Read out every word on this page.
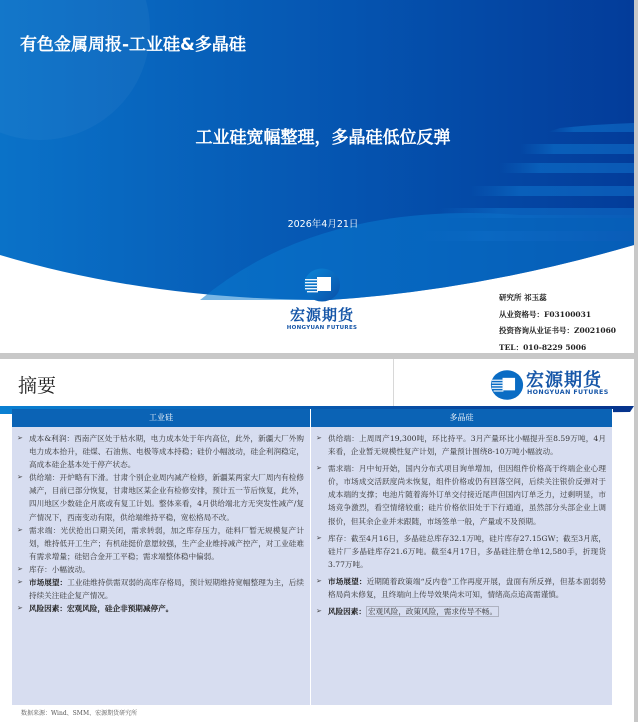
有色金属周报-工业硅&多晶硅
工业硅宽幅整理，多晶硅低位反弹
2026年4月21日
宏源期货
HONGYUAN FUTURES
研究所 祁玉蕊
从业资格号：F03100031
投资咨询从业证书号：Z0021060
TEL：010-8229 5006
摘要	宏源期货
HONGYUAN FUTURES
工业硅	多晶硅
➢ 成本&利润：西南产区处于枯水期，电力成本处于年内高位，此外，新疆大厂外购电力成本抬升，硅煤、石油焦、电极等成本持稳；硅价小幅波动，硅企利润稳定，高成本硅企基本处于停产状态。
➢ 供给端：开炉略有下滑。甘肃个别企业周内减产检修，新疆某两家大厂周内有检修减产，目前已部分恢复，甘肃地区某企业有检修安排，预计五一节后恢复，此外，四川地区少数硅企月底或有复工计划。整体来看，4月供给端北方无突发性减产/复产情况下，西南变动有限，供给端维持平稳，宽松格局不改。
➢ 需求端：光伏抢出口期关闭，需求转弱，加之库存压力，硅料厂暂无规模复产计划，维持低开工生产；有机硅挺价意愿较强，生产企业维持减产控产，对工业硅难有需求增量；硅铝合金开工平稳；需求端整体稳中偏弱。
➢ 库存：小幅波动。
➢ 市场展望：工业硅维持供需双弱的高库存格局，预计短期维持宽幅整理为主，后续持续关注硅企复产情况。
➢ 风险因素：宏观风险，硅企非预期减停产。
➢ 供给端：上周周产19,300吨，环比持平。3月产量环比小幅提升至8.59万吨，4月来看，企业暂无规模性复产计划，产量预计围绕8-10万吨小幅波动。
➢ 需求端：月中旬开始，国内分布式项目询单增加，但因组件价格高于终端企业心理价，市场成交活跃度尚未恢复，组件价格或仍有回落空间，后续关注银价反弹对于成本端的支撑；电池片随着海外订单交付接近尾声但国内订单乏力，过剩明显，市场竞争激烈，看空情绪较重；硅片价格依旧处于下行通道，虽然部分头部企业上调报价，但其余企业并未跟随，市场签单一般，产量或不及预期。
➢ 库存：截至4月16日，多晶硅总库存32.1万吨，硅片库存27.15GW；截至3月底，硅片厂多晶硅库存21.6万吨。截至4月17日，多晶硅注册仓单12,580手，折现货3.77万吨。
➢ 市场展望：近期随着政策端“反内卷”工作再度开展，盘面有所反弹，但基本面弱势格局尚未修复，且终端向上传导效果尚未可知，情绪高点追高需谨慎。
➢ 风险因素： 宏观风险，政策风险，需求传导不畅。
数据来源：Wind、SMM、宏源期货研究所
